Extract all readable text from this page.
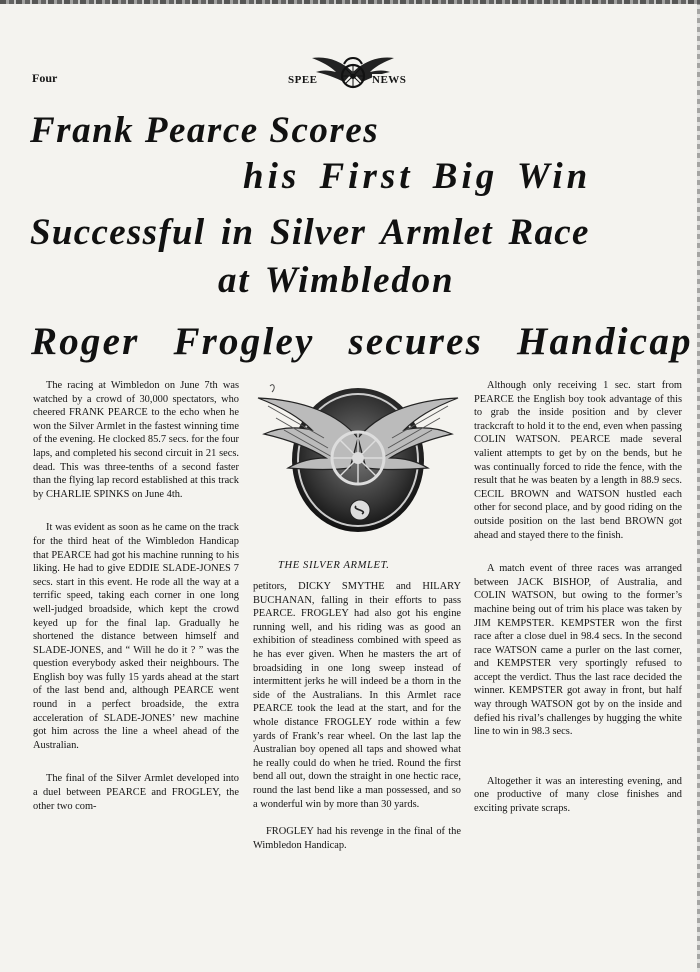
Four	SPEE	NEWS
Frank Pearce Scores
his First Big Win
Successful in Silver Armlet Race
at Wimbledon
Roger Frogley secures Handicap

The racing at Wimbledon on June 7th was watched by a crowd of 30,000 spectators, who cheered FRANK PEARCE to the echo when he won the Silver Armlet in the fastest winning time of the evening. He clocked 85.7 secs. for the four laps, and completed his second circuit in 21 secs. dead. This was three-tenths of a second faster than the flying lap record established at this track by CHARLIE SPINKS on June 4th.

It was evident as soon as he came on the track for the third heat of the Wimbledon Handicap that PEARCE had got his machine running to his liking. He had to give EDDIE SLADE-JONES 7 secs. start in this event. He rode all the way at a terrific speed, taking each corner in one long well-judged broadside, which kept the crowd keyed up for the final lap. Gradually he shortened the distance between himself and SLADE-JONES, and “ Will he do it ? ” was the question everybody asked their neighbours. The English boy was fully 15 yards ahead at the start of the last bend and, although PEARCE went round in a perfect broadside, the extra acceleration of SLADE-JONES’ new machine got him across the line a wheel ahead of the Australian.

The final of the Silver Armlet developed into a duel between PEARCE and FROGLEY, the other two com-

THE SILVER ARMLET.

petitors, DICKY SMYTHE and HILARY BUCHANAN, falling in their efforts to pass PEARCE. FROGLEY had also got his engine running well, and his riding was as good an exhibition of steadiness combined with speed as he has ever given. When he masters the art of broadsiding in one long sweep instead of intermittent jerks he will indeed be a thorn in the side of the Australians. In this Armlet race PEARCE took the lead at the start, and for the whole distance FROGLEY rode within a few yards of Frank’s rear wheel. On the last lap the Australian boy opened all taps and showed what he really could do when he tried. Round the first bend all out, down the straight in one hectic race, round the last bend like a man possessed, and so a wonderful win by more than 30 yards.

FROGLEY had his revenge in the final of the Wimbledon Handicap.

Although only receiving 1 sec. start from PEARCE the English boy took advantage of this to grab the inside position and by clever trackcraft to hold it to the end, even when passing COLIN WATSON. PEARCE made several valient attempts to get by on the bends, but he was continually forced to ride the fence, with the result that he was beaten by a length in 88.9 secs. CECIL BROWN and WATSON hustled each other for second place, and by good riding on the outside position on the last bend BROWN got ahead and stayed there to the finish.

A match event of three races was arranged between JACK BISHOP, of Australia, and COLIN WATSON, but owing to the former’s machine being out of trim his place was taken by JIM KEMPSTER. KEMPSTER won the first race after a close duel in 98.4 secs. In the second race WATSON came a purler on the last corner, and KEMPSTER very sportingly refused to accept the verdict. Thus the last race decided the winner. KEMPSTER got away in front, but half way through WATSON got by on the inside and defied his rival’s challenges by hugging the white line to win in 98.3 secs.

Altogether it was an interesting evening, and one productive of many close finishes and exciting private scraps.
